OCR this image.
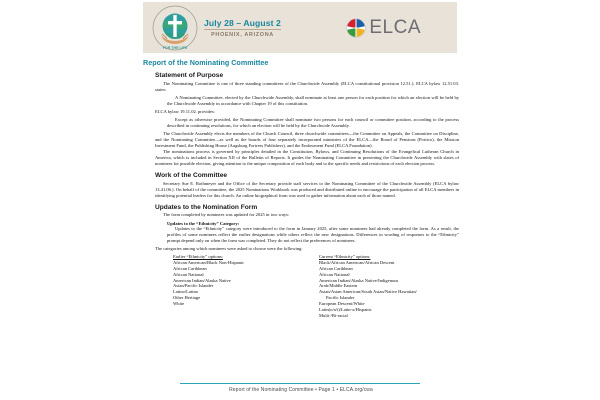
FOR THE LIFE
July 28 – August 2
PHOENIX, ARIZONA	ELCA
Report of the Nominating Committee
Statement of Purpose

The Nominating Committee is one of three standing committees of the Churchwide Assembly (ELCA constitutional provision 12.51.). ELCA bylaw 12.51.03. states:

A Nominating Committee, elected by the Churchwide Assembly, shall nominate at least one person for each position for which an election will be held by the Churchwide Assembly in accordance with Chapter 19 of this constitution.

ELCA bylaw 19.11.02. provides:

Except as otherwise provided, the Nominating Committee shall nominate two persons for each council or committee position, according to the process described in continuing resolutions, for which an election will be held by the Churchwide Assembly.

The Churchwide Assembly elects the members of the Church Council, three churchwide committees—the Committee on Appeals, the Committee on Discipline, and the Nominating Committee—as well as the boards of four separately incorporated ministries of the ELCA—the Board of Pensions (Portico), the Mission Investment Fund, the Publishing House (Augsburg Fortress Publishers), and the Endowment Fund (ELCA Foundation).

The nominations process is governed by principles detailed in the Constitution, Bylaws, and Continuing Resolutions of the Evangelical Lutheran Church in America, which is included in Section XII of the Bulletin of Reports. It guides the Nominating Committee in presenting the Churchwide Assembly with slates of nominees for possible election, giving attention to the unique composition of each body and to the specific needs and restrictions of each election process.

Work of the Committee

Secretary Sue E. Rothmeyer and the Office of the Secretary provide staff services to the Nominating Committee of the Churchwide Assembly (ELCA bylaw 13.41.06.). On behalf of the committee, the 2025 Nominations Workbook was produced and distributed online to encourage the participation of all ELCA members in identifying potential leaders for this church. An online biographical form was used to gather information about each of those named.

Updates to the Nomination Form

The form completed by nominees was updated for 2025 in two ways:

Updates to the “Ethnicity” Category:

Updates to the “Ethnicity” category were introduced to the form in January 2025, after some nominees had already completed the form. As a result, the profiles of some nominees reflect the earlier designations while others reflect the new designations. Differences in wording of responses to the “Ethnicity” prompt depend only on when the form was completed. They do not reflect the preferences of nominees.

The categories among which nominees were asked to choose were the following:

Earlier “Ethnicity” options:
African American/Black Non-Hispanic
African Caribbean
African National
American Indian/Alaska Native
Asian/Pacific Islander
Latino/Latina
Other Heritage
White
Current “Ethnicity” options:
Black/African American/African Descent
African Caribbean
African National
American Indian/Alaska Native/Indigenous
Arab/Middle Eastern
Asian/Asian American/South Asian/Native Hawaiian/
Pacific Islander
European Descent/White
Latin(o/a/i)/Latin-x/Hispanic
Multi-/Bi-racial
Report of the Nominating Committee • Page 1 • ELCA.org/cwa
